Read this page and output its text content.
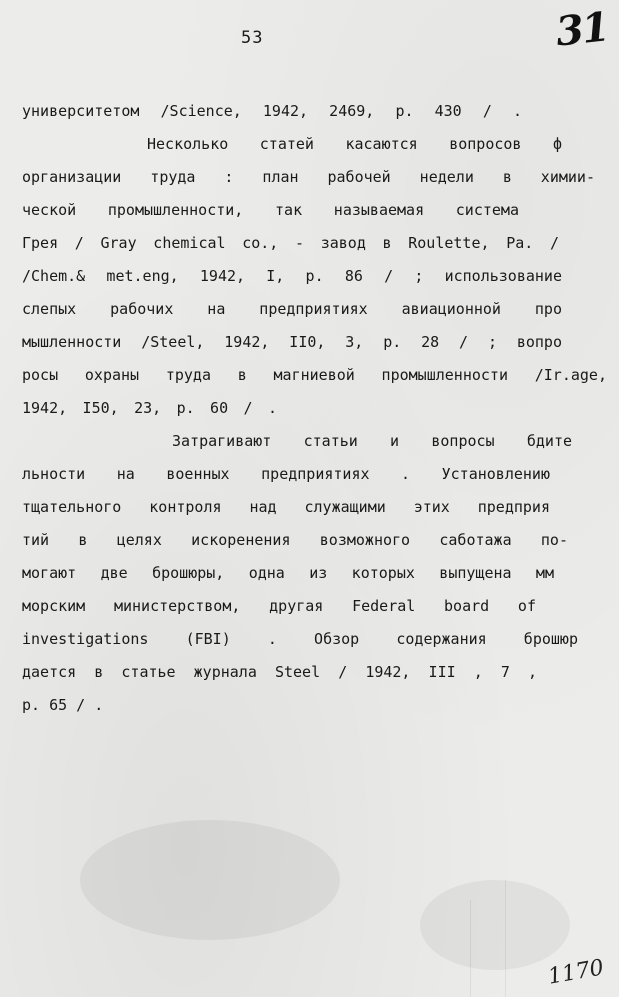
53	31
университетом /Science, 1942, 2469, р. 430 / .
Несколько статей касаются вопросов ф
организации труда : план рабочей недели в химии-
ческой промышленности, так называемая система
Грея / Gray chemical co., - завод в Roulette, Pa. /
/Chem.& met.eng, 1942, I, p. 86 / ; использование
слепых рабочих на предприятиях авиационной про
мышленности /Steel, 1942, II0, 3, p. 28 / ; вопро
росы охраны труда в магниевой промышленности /Ir.age,
1942, I50, 23, p. 60 / .
Затрагивают статьи и вопросы бдите
льности на военных предприятиях . Установлению
тщательного контроля над служащими этих предприя
тий в целях искоренения возможного саботажа по-
могают две брошюры, одна из которых выпущена мм
морским министерством, другая Federal board of
investigations (FBI) . Обзор содержания брошюр
дается в статье журнала Steel / 1942, III , 7 ,
р. 65 / .
1170
